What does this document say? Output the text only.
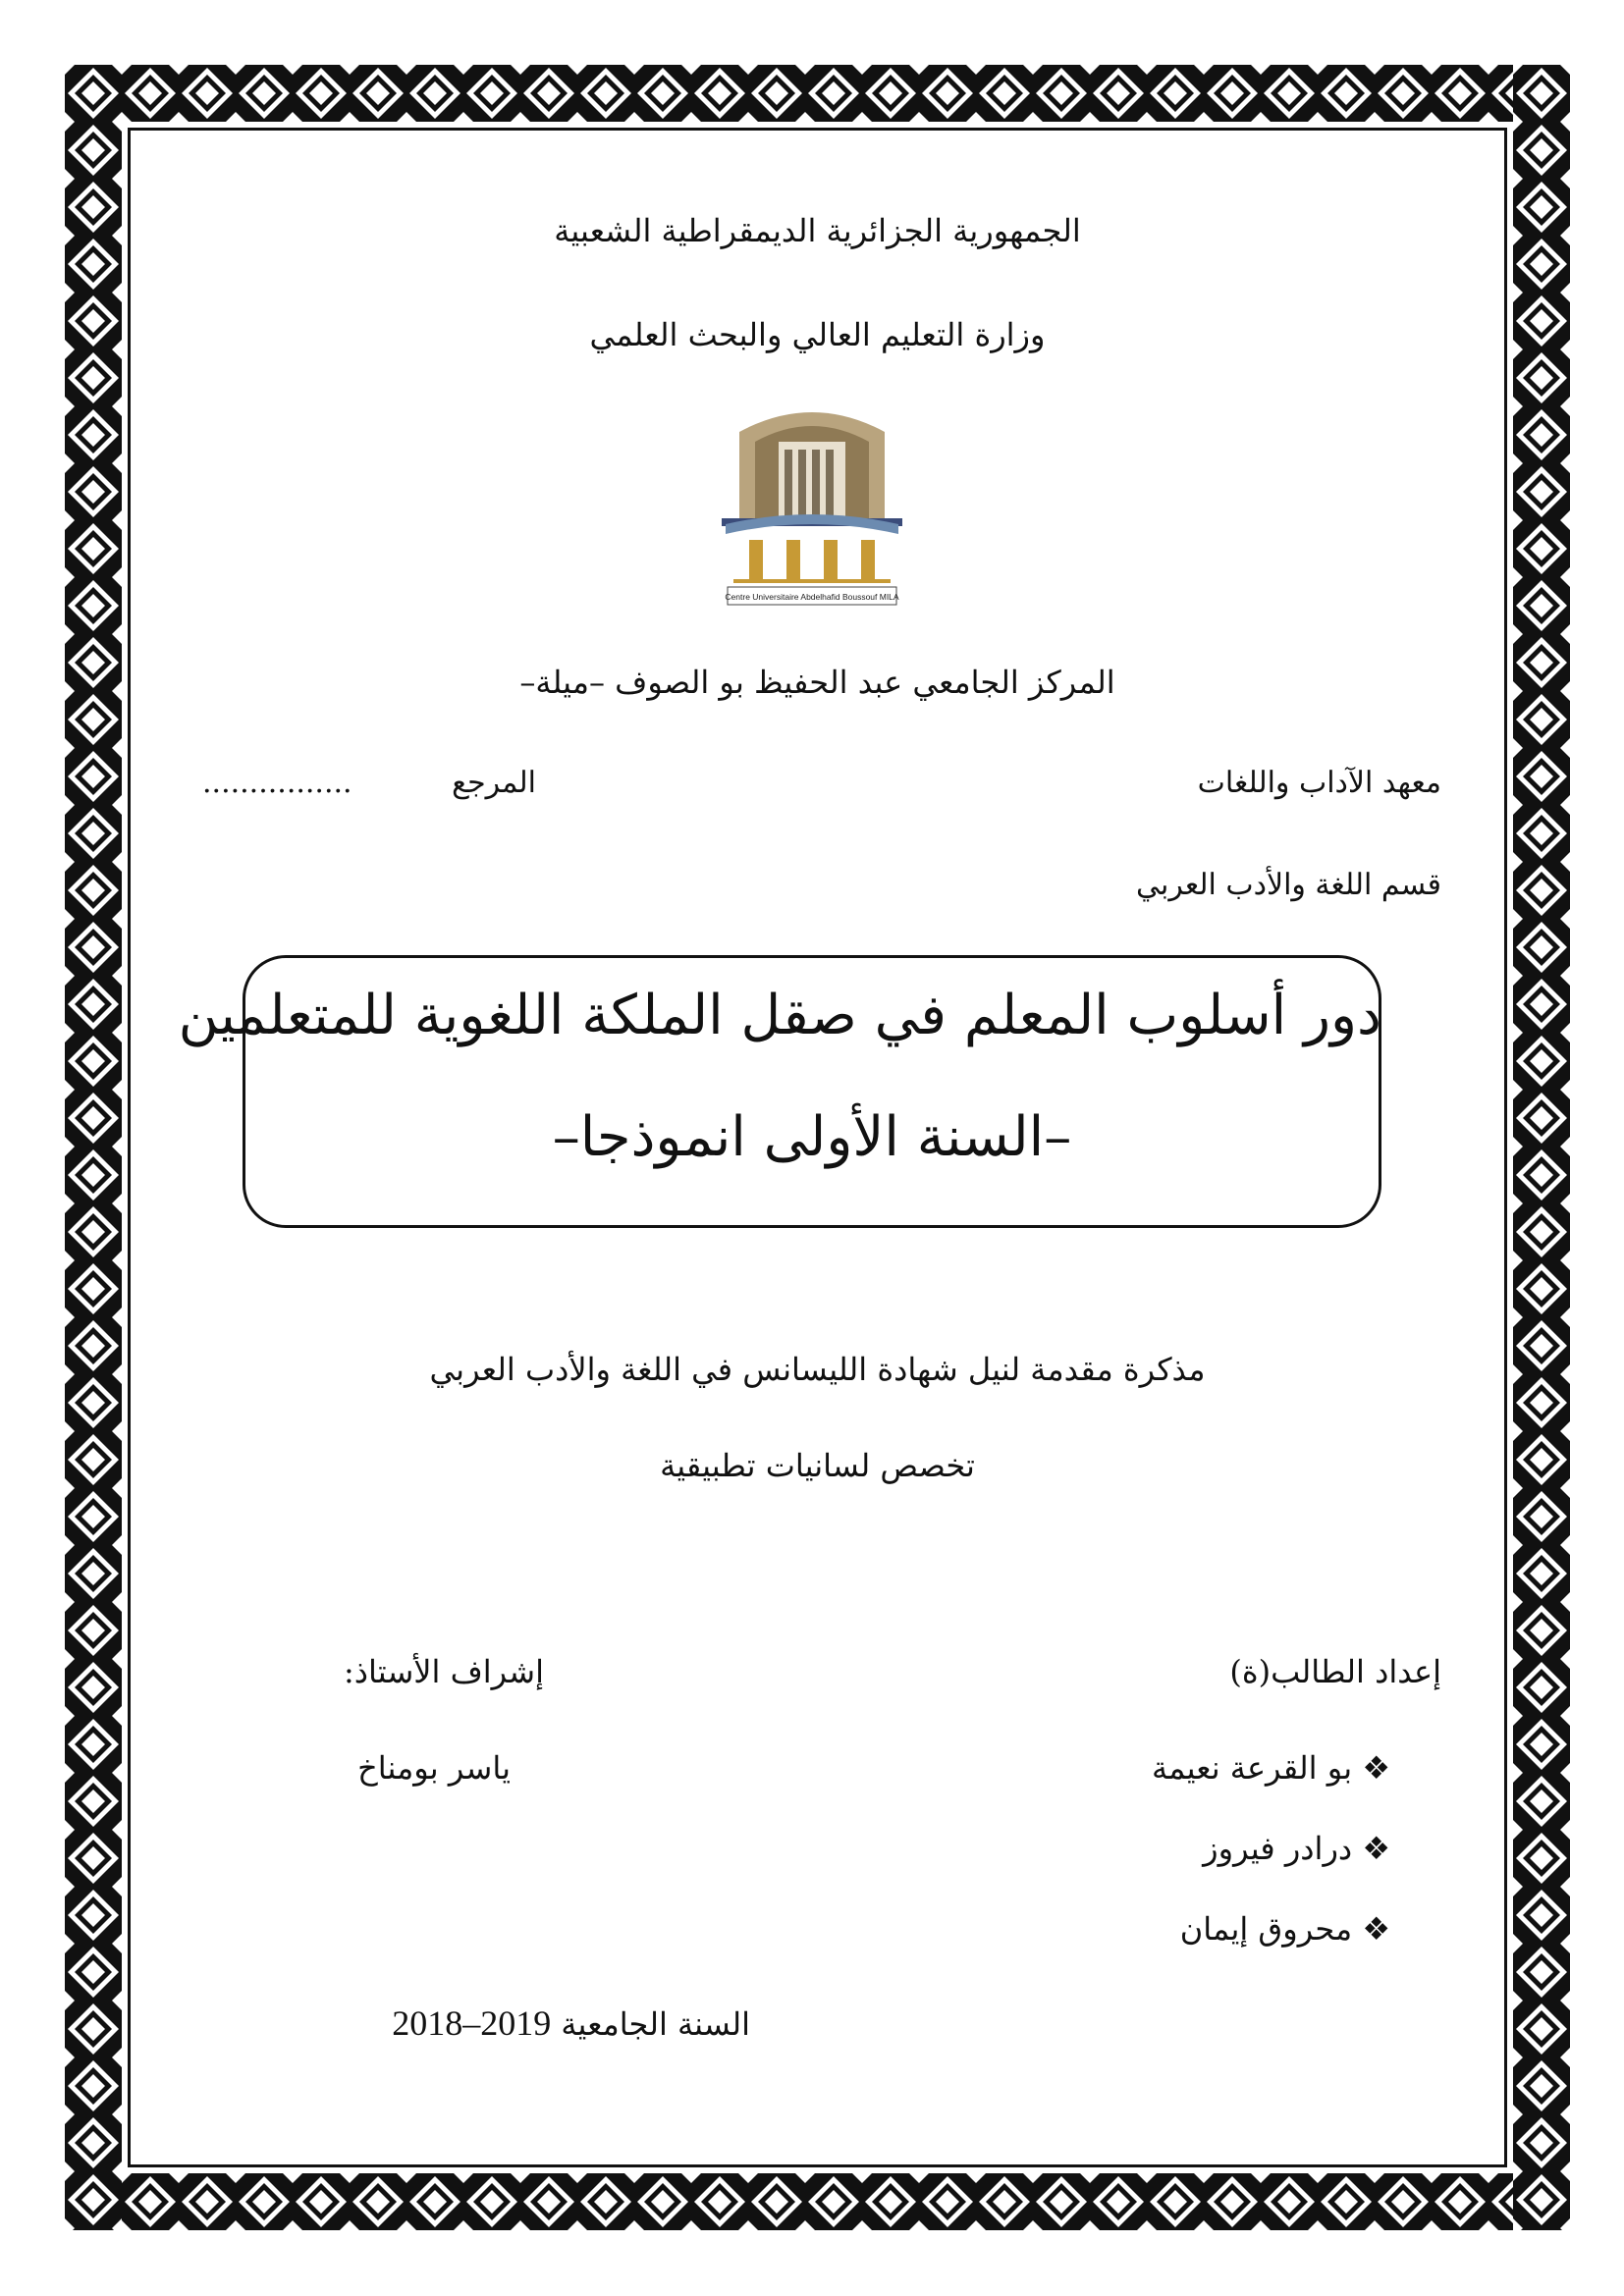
الجمهورية الجزائرية الديمقراطية الشعبية
وزارة التعليم العالي والبحث العلمي
Centre Universitaire Abdelhafid Boussouf MILA
المركز الجامعي عبد الحفيظ بو الصوف –ميلة–
معهد الآداب واللغات
المرجع
................
قسم اللغة والأدب العربي
دور أسلوب المعلم في صقل الملكة اللغوية للمتعلمين
–السنة الأولى انموذجا–
مذكرة مقدمة لنيل شهادة الليسانس في اللغة والأدب العربي
تخصص لسانيات تطبيقية
إعداد الطالب(ة)
إشراف الأستاذ:
❖ بو القرعة نعيمة
ياسر بومناخ
❖ درادر فيروز
❖ محروق إيمان
السنة الجامعية 2018–2019
